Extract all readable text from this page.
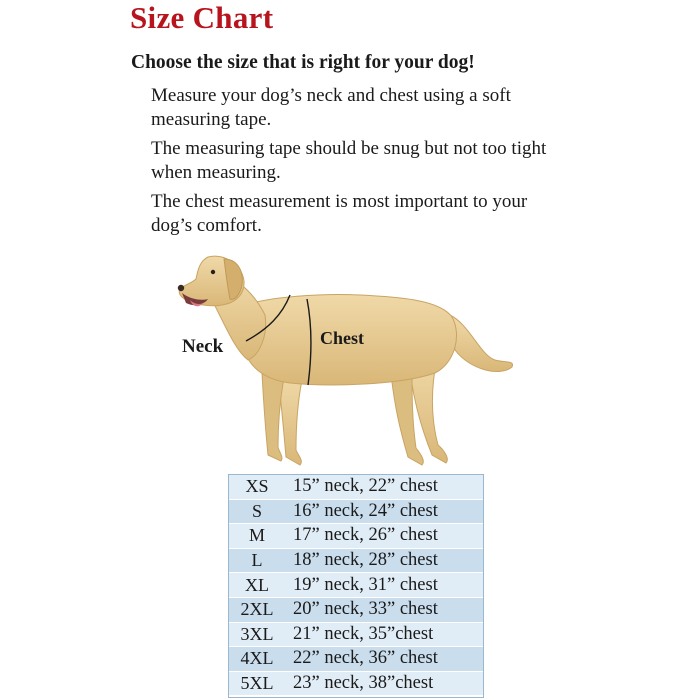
Size Chart
Choose the size that is right for your dog!

Measure your dog’s neck and chest using a soft measuring tape.

The measuring tape should be snug but not too tight when measuring.

The chest measurement is most important to your dog’s comfort.

Neck	Chest
XS	15” neck, 22” chest
S	16” neck, 24” chest
M	17” neck, 26” chest
L	18” neck, 28” chest
XL	19” neck, 31” chest
2XL	20” neck, 33” chest
3XL	21” neck, 35”chest
4XL	22” neck, 36” chest
5XL	23” neck, 38”chest
